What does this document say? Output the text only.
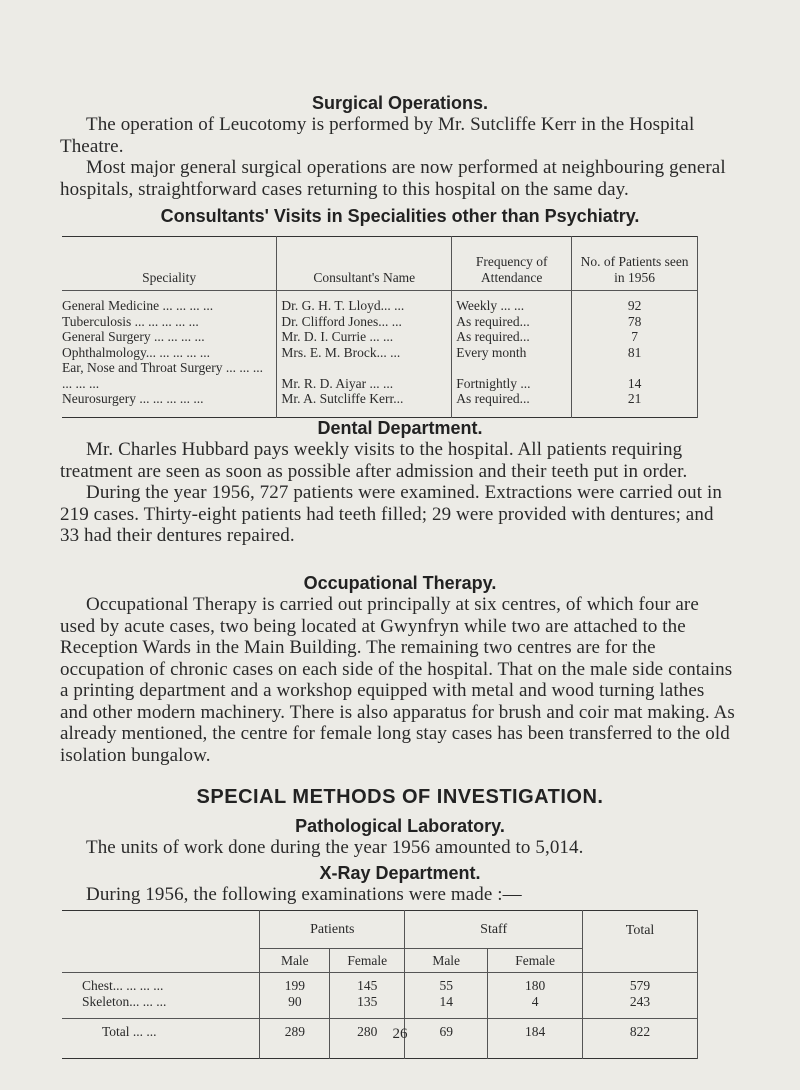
Surgical Operations.

The operation of Leucotomy is performed by Mr. Sutcliffe Kerr in the Hospital Theatre.

Most major general surgical operations are now performed at neighbouring general hospitals, straightforward cases returning to this hospital on the same day.

Consultants' Visits in Specialities other than Psychiatry.
Speciality	Consultant's Name	Frequency of Attendance	No. of Patients seen in 1956
General Medicine ... ... ... ...	Dr. G. H. T. Lloyd... ...	Weekly ... ...	92
Tuberculosis ... ... ... ... ...	Dr. Clifford Jones... ...	As required...	78
General Surgery ... ... ... ...	Mr. D. I. Currie ... ...	As required...	7
Ophthalmology... ... ... ... ...	Mrs. E. M. Brock... ...	Every month	81
Ear, Nose and Throat Surgery ... ... ... ... ... ...	Mr. R. D. Aiyar ... ...	Fortnightly ...	14
Neurosurgery ... ... ... ... ...	Mr. A. Sutcliffe Kerr...	As required...	21
Dental Department.

Mr. Charles Hubbard pays weekly visits to the hospital. All patients requiring treatment are seen as soon as possible after admission and their teeth put in order.

During the year 1956, 727 patients were examined. Extractions were carried out in 219 cases. Thirty-eight patients had teeth filled; 29 were provided with dentures; and 33 had their dentures repaired.

Occupational Therapy.

Occupational Therapy is carried out principally at six centres, of which four are used by acute cases, two being located at Gwynfryn while two are attached to the Reception Wards in the Main Building. The remaining two centres are for the occupation of chronic cases on each side of the hospital. That on the male side contains a printing department and a workshop equipped with metal and wood turning lathes and other modern machinery. There is also apparatus for brush and coir mat making. As already mentioned, the centre for female long stay cases has been transferred to the old isolation bungalow.

SPECIAL METHODS OF INVESTIGATION.
Pathological Laboratory.

The units of work done during the year 1956 amounted to 5,014.

X-Ray Department.

During 1956, the following examinations were made :—

	Patients		Staff		Total
	Male	Female	Male	Female	
Chest... ... ... ...	199	145	55	180	579
Skeleton... ... ...	90	135	14	4	243
Total ... ...	289	280	69	184	822
26
